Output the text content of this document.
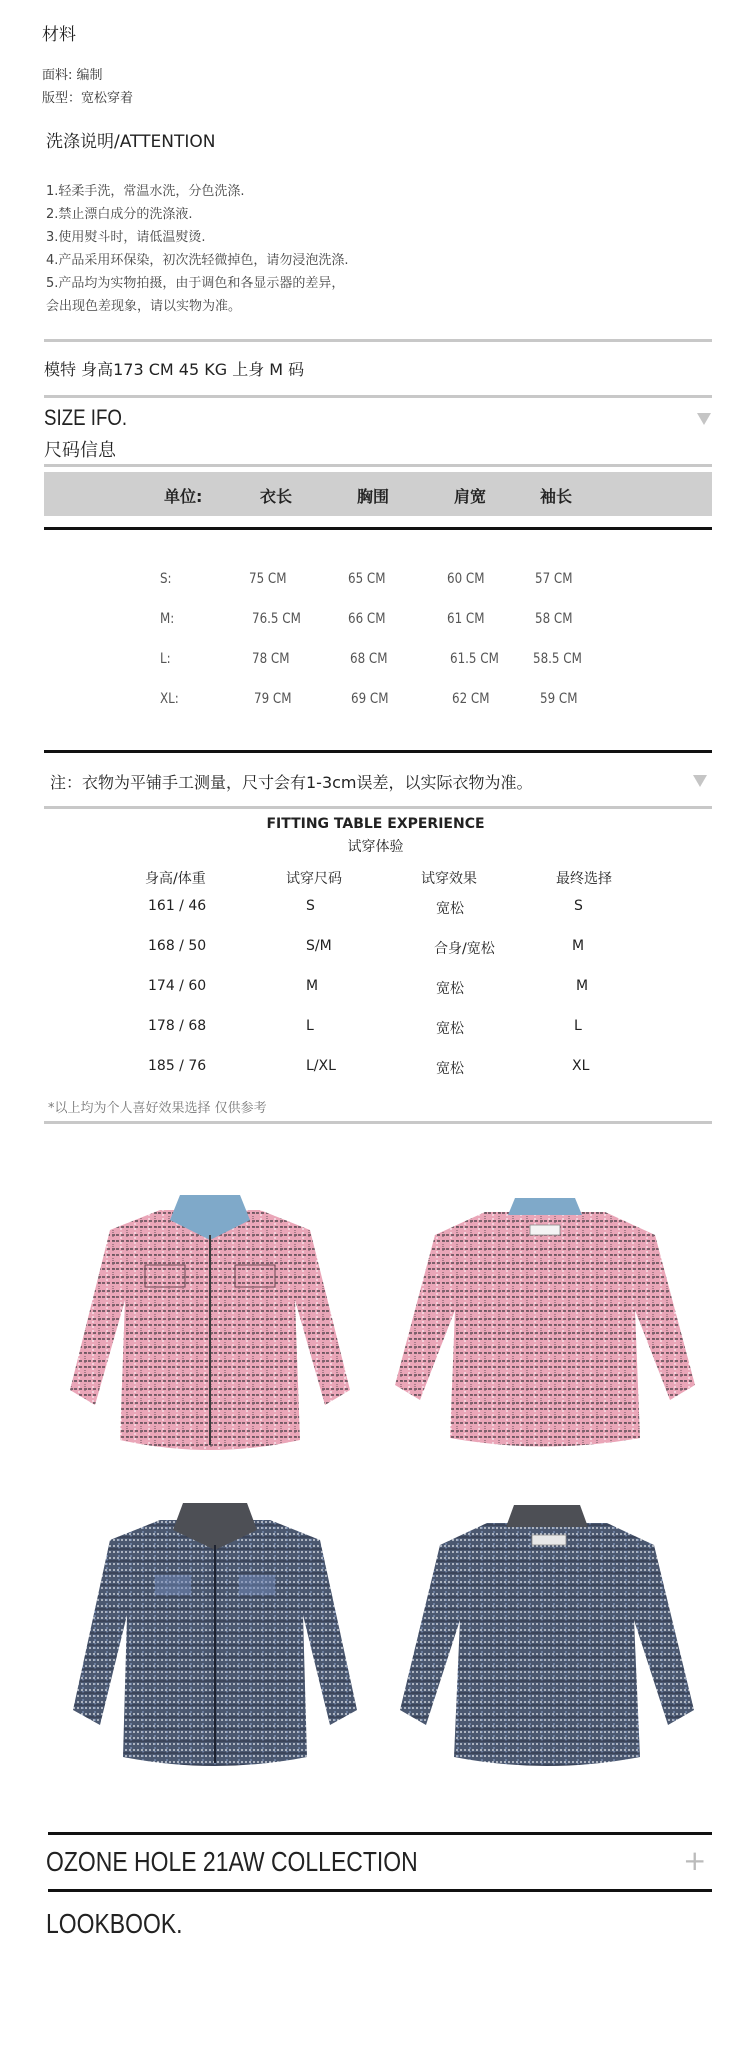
材料
面料: 编制
版型：宽松穿着
洗涤说明/ATTENTION
1.轻柔手洗，常温水洗，分色洗涤.
2.禁止漂白成分的洗涤液.
3.使用熨斗时，请低温熨烫.
4.产品采用环保染，初次洗轻微掉色，请勿浸泡洗涤.
5.产品均为实物拍摄，由于调色和各显示器的差异，
会出现色差现象，请以实物为准。
模特 身高173 CM 45 KG 上身 M 码
SIZE IFO.
尺码信息
单位:	衣长	胸围	肩宽	袖长
S:	75 CM	65 CM	60 CM	57 CM
M:	76.5 CM	66 CM	61 CM	58 CM
L:	78 CM	68 CM	61.5 CM 58.5 CM
XL:	79 CM	69 CM	62 CM	59 CM
注：衣物为平铺手工测量，尺寸会有1-3cm误差，以实际衣物为准。
FITTING TABLE EXPERIENCE
试穿体验
身高/体重	试穿尺码	试穿效果	最终选择
161 / 46	S	宽松	S
168 / 50	S/M	合身/宽松	M
174 / 60	M	宽松	M
178 / 68	L	宽松	L
185 / 76	L/XL	宽松	XL
*以上均为个人喜好效果选择 仅供参考
OZONE HOLE 21AW COLLECTION	+
LOOKBOOK.
